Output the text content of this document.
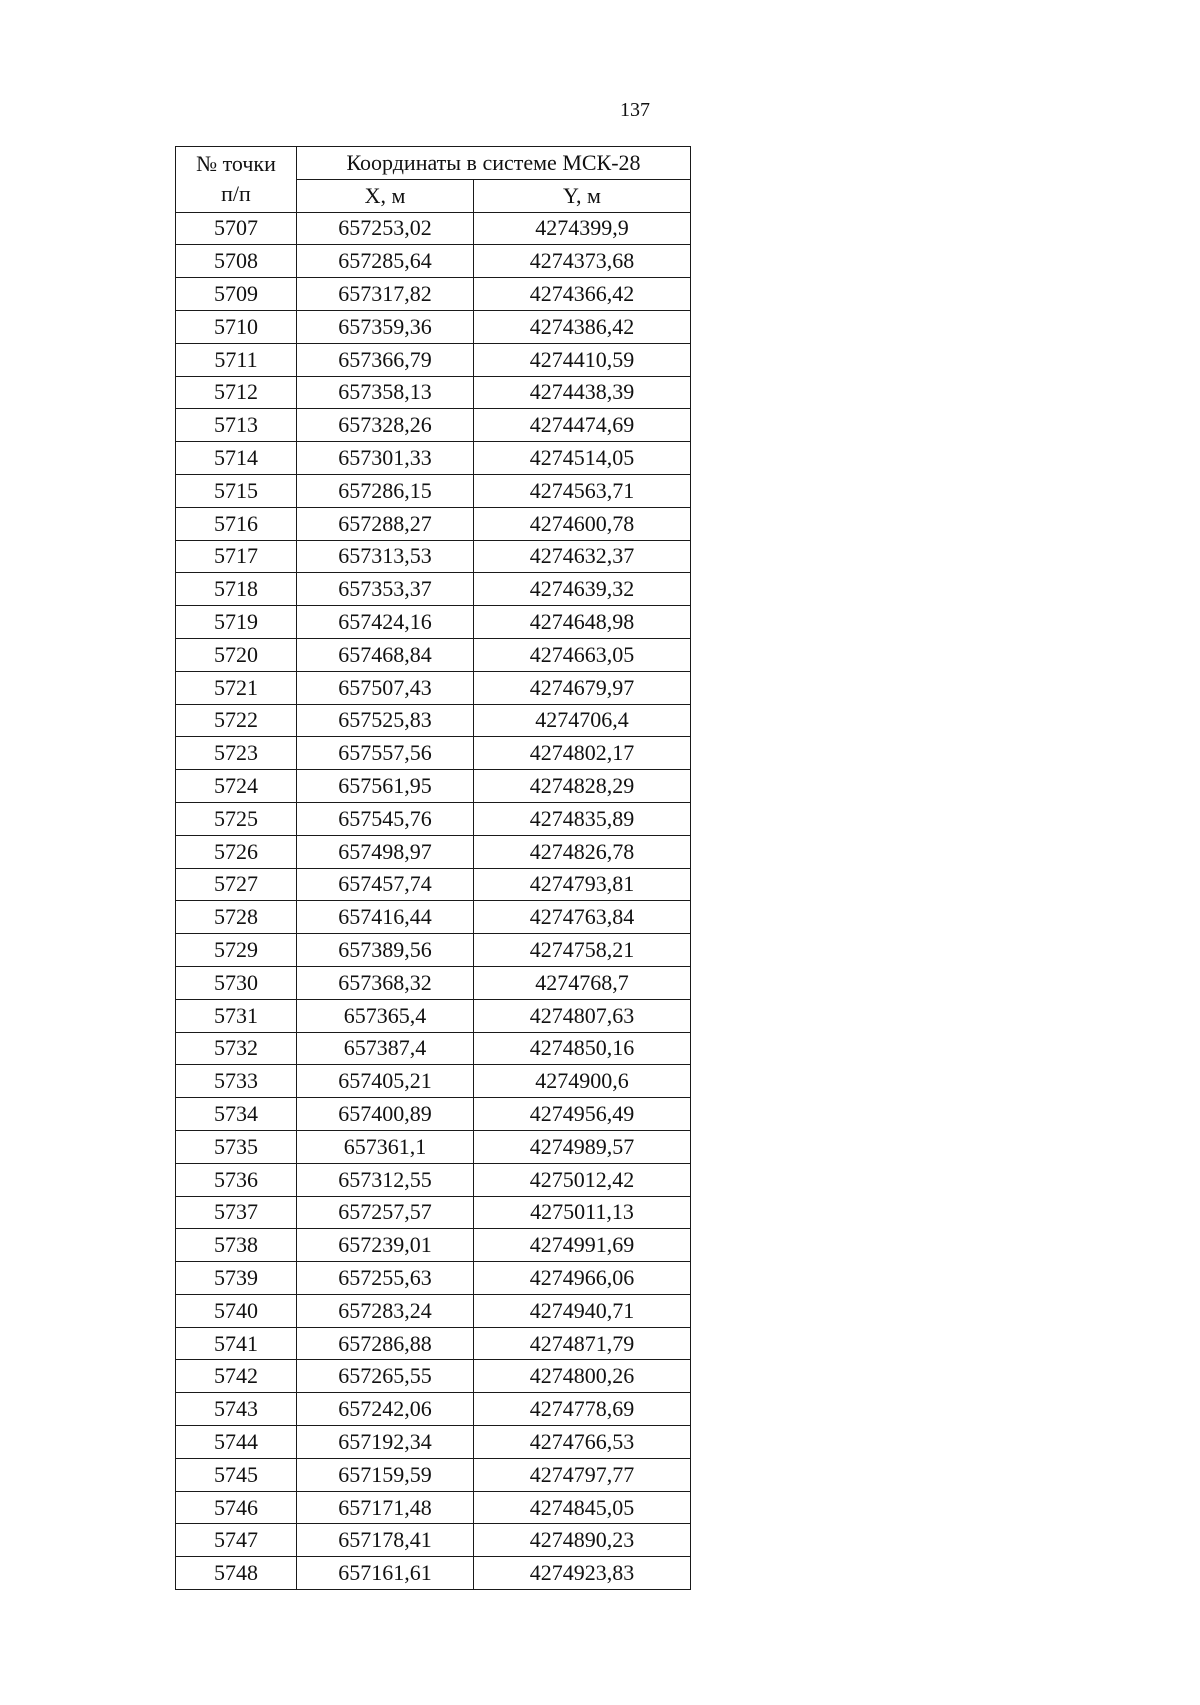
137
№ точки
п/п	Координаты в системе МСК-28	
	X, м	Y, м
5707	657253,02	4274399,9
5708	657285,64	4274373,68
5709	657317,82	4274366,42
5710	657359,36	4274386,42
5711	657366,79	4274410,59
5712	657358,13	4274438,39
5713	657328,26	4274474,69
5714	657301,33	4274514,05
5715	657286,15	4274563,71
5716	657288,27	4274600,78
5717	657313,53	4274632,37
5718	657353,37	4274639,32
5719	657424,16	4274648,98
5720	657468,84	4274663,05
5721	657507,43	4274679,97
5722	657525,83	4274706,4
5723	657557,56	4274802,17
5724	657561,95	4274828,29
5725	657545,76	4274835,89
5726	657498,97	4274826,78
5727	657457,74	4274793,81
5728	657416,44	4274763,84
5729	657389,56	4274758,21
5730	657368,32	4274768,7
5731	657365,4	4274807,63
5732	657387,4	4274850,16
5733	657405,21	4274900,6
5734	657400,89	4274956,49
5735	657361,1	4274989,57
5736	657312,55	4275012,42
5737	657257,57	4275011,13
5738	657239,01	4274991,69
5739	657255,63	4274966,06
5740	657283,24	4274940,71
5741	657286,88	4274871,79
5742	657265,55	4274800,26
5743	657242,06	4274778,69
5744	657192,34	4274766,53
5745	657159,59	4274797,77
5746	657171,48	4274845,05
5747	657178,41	4274890,23
5748	657161,61	4274923,83
